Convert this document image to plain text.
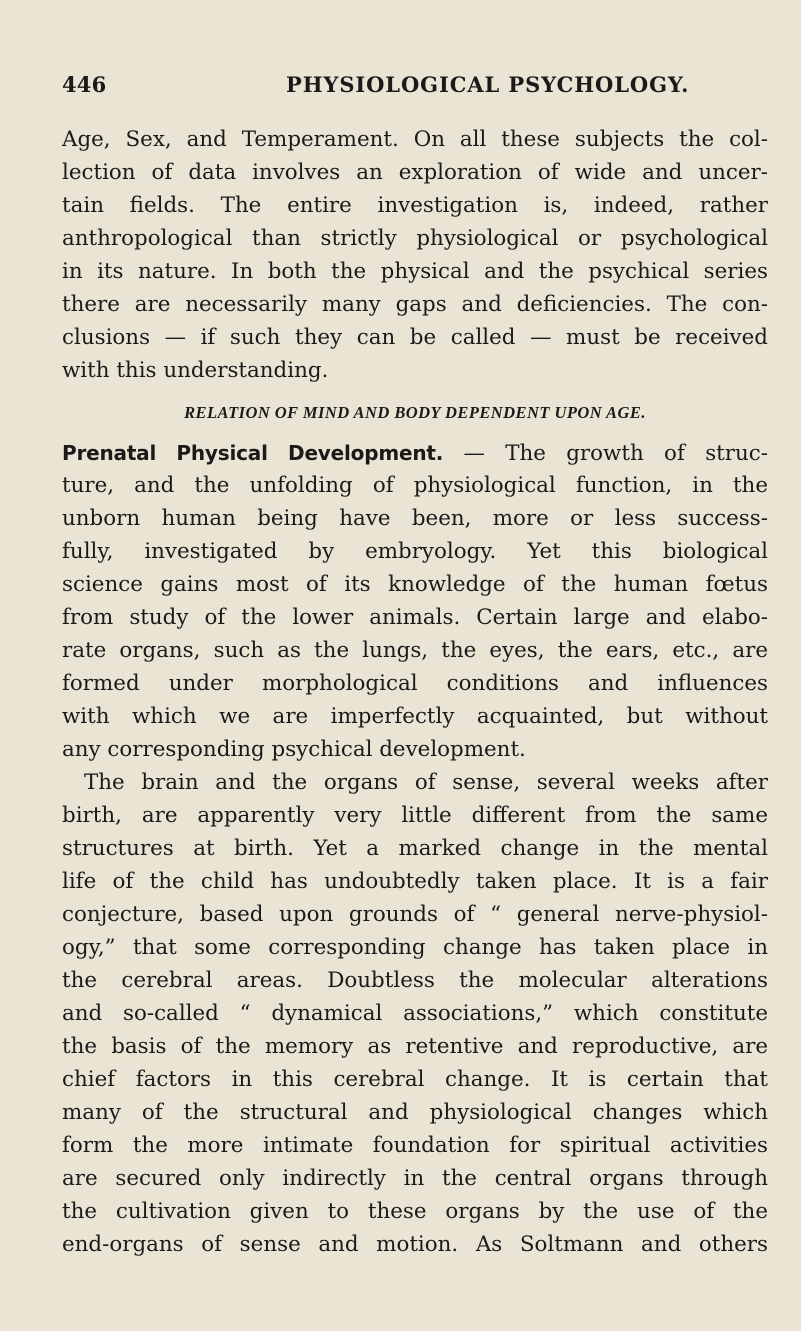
446	PHYSIOLOGICAL PSYCHOLOGY.
Age, Sex, and Temperament. On all these subjects the col-
lection of data involves an exploration of wide and uncer-
tain fields. The entire investigation is, indeed, rather
anthropological than strictly physiological or psychological
in its nature. In both the physical and the psychical series
there are necessarily many gaps and deficiencies. The con-
clusions — if such they can be called — must be received
with this understanding.
RELATION OF MIND AND BODY DEPENDENT UPON AGE.
Prenatal Physical Development. — The growth of struc-
ture, and the unfolding of physiological function, in the
unborn human being have been, more or less success-
fully, investigated by embryology. Yet this biological
science gains most of its knowledge of the human fœtus
from study of the lower animals. Certain large and elabo-
rate organs, such as the lungs, the eyes, the ears, etc., are
formed under morphological conditions and influences
with which we are imperfectly acquainted, but without
any corresponding psychical development.
The brain and the organs of sense, several weeks after
birth, are apparently very little different from the same
structures at birth. Yet a marked change in the mental
life of the child has undoubtedly taken place. It is a fair
conjecture, based upon grounds of “ general nerve-physiol-
ogy,” that some corresponding change has taken place in
the cerebral areas. Doubtless the molecular alterations
and so-called “ dynamical associations,” which constitute
the basis of the memory as retentive and reproductive, are
chief factors in this cerebral change. It is certain that
many of the structural and physiological changes which
form the more intimate foundation for spiritual activities
are secured only indirectly in the central organs through
the cultivation given to these organs by the use of the
end-organs of sense and motion. As Soltmann and others
